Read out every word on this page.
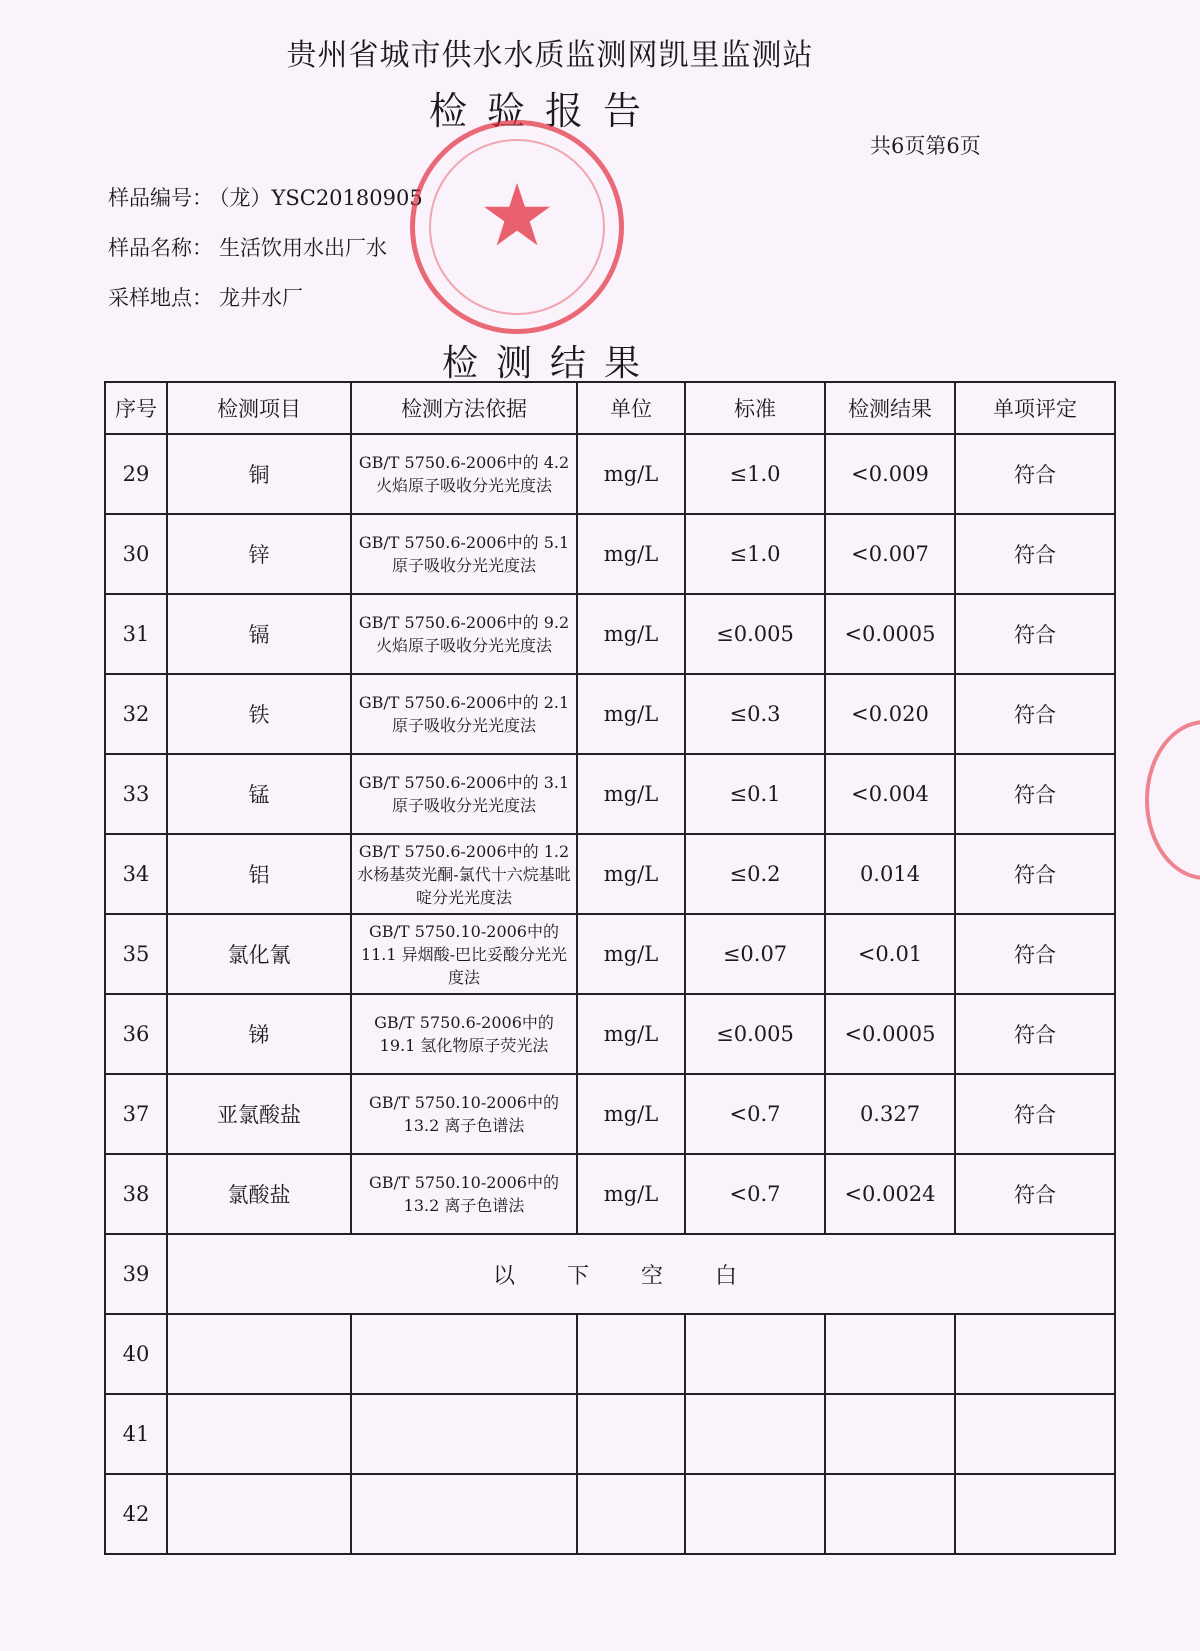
贵州省城市供水水质监测网凯里监测站
检验报告
共6页第6页
样品编号： （龙）YSC20180905
样品名称： 生活饮用水出厂水
采样地点： 龙井水厂
★
检测结果
序号	检测项目	检测方法依据	单位	标准	检测结果	单项评定
29	铜	GB/T 5750.6-2006中的 4.2 火焰原子吸收分光光度法	mg/L	≤1.0	<0.009	符合
30	锌	GB/T 5750.6-2006中的 5.1 原子吸收分光光度法	mg/L	≤1.0	<0.007	符合
31	镉	GB/T 5750.6-2006中的 9.2 火焰原子吸收分光光度法	mg/L	≤0.005	<0.0005	符合
32	铁	GB/T 5750.6-2006中的 2.1 原子吸收分光光度法	mg/L	≤0.3	<0.020	符合
33	锰	GB/T 5750.6-2006中的 3.1 原子吸收分光光度法	mg/L	≤0.1	<0.004	符合
34	铝	GB/T 5750.6-2006中的 1.2 水杨基荧光酮-氯代十六烷基吡啶分光光度法	mg/L	≤0.2	0.014	符合
35	氯化氰	GB/T 5750.10-2006中的 11.1 异烟酸-巴比妥酸分光光度法	mg/L	≤0.07	<0.01	符合
36	锑	GB/T 5750.6-2006中的 19.1 氢化物原子荧光法	mg/L	≤0.005	<0.0005	符合
37	亚氯酸盐	GB/T 5750.10-2006中的 13.2 离子色谱法	mg/L	<0.7	0.327	符合
38	氯酸盐	GB/T 5750.10-2006中的 13.2 离子色谱法	mg/L	<0.7	<0.0024	符合
39	以下空白					
40						
41						
42						
